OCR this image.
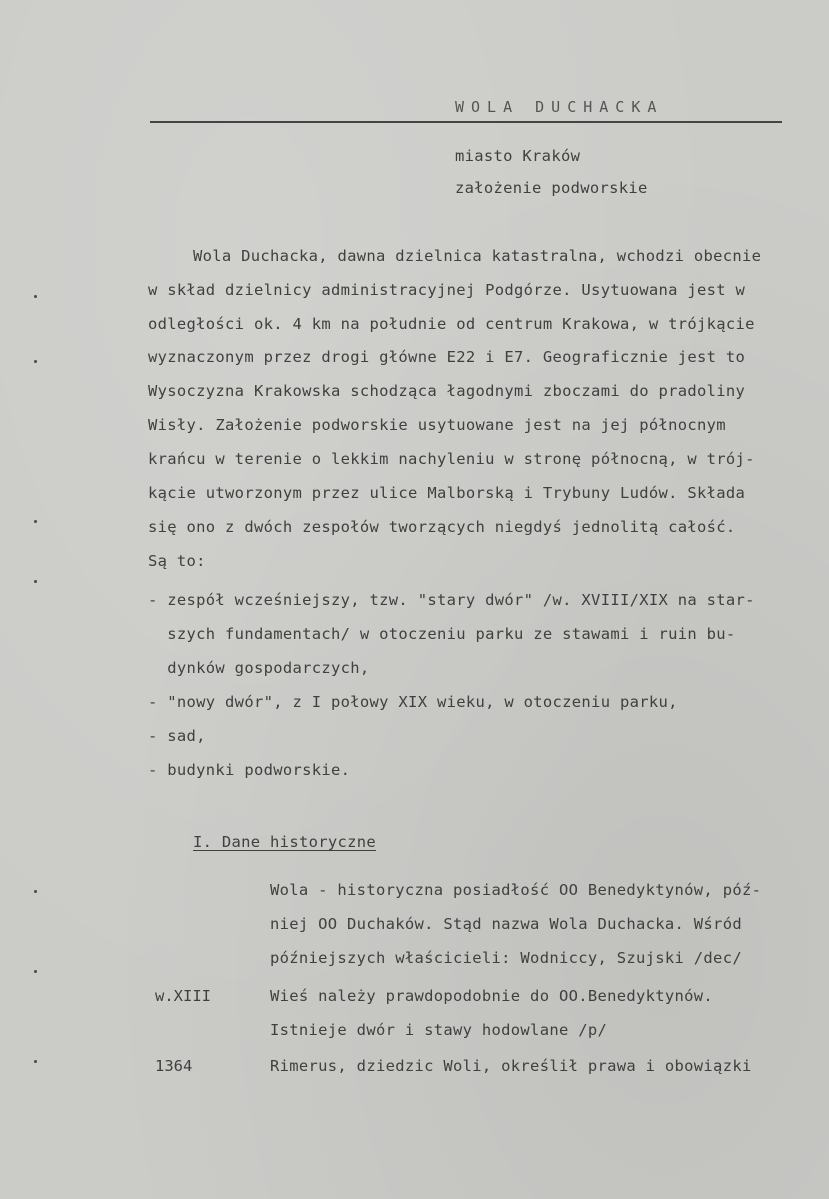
WOLA DUCHACKA
miasto Kraków
założenie podworskie
Wola Duchacka, dawna dzielnica katastralna, wchodzi obecnie
w skład dzielnicy administracyjnej Podgórze. Usytuowana jest w
odległości ok. 4 km na południe od centrum Krakowa, w trójkącie
wyznaczonym przez drogi główne E22 i E7. Geograficznie jest to
Wysoczyzna Krakowska schodząca łagodnymi zboczami do pradoliny
Wisły. Założenie podworskie usytuowane jest na jej północnym
krańcu w terenie o lekkim nachyleniu w stronę północną, w trój-
kącie utworzonym przez ulice Malborską i Trybuny Ludów. Składa
się ono z dwóch zespołów tworzących niegdyś jednolitą całość.
Są to:
- zespół wcześniejszy, tzw. "stary dwór" /w. XVIII/XIX na star-
szych fundamentach/ w otoczeniu parku ze stawami i ruin bu-
dynków gospodarczych,
- "nowy dwór", z I połowy XIX wieku, w otoczeniu parku,
- sad,
- budynki podworskie.
I. Dane historyczne
Wola - historyczna posiadłość OO Benedyktynów, póź-
niej OO Duchaków. Stąd nazwa Wola Duchacka. Wśród
późniejszych właścicieli: Wodniccy, Szujski /dec/
w.XIII	Wieś należy prawdopodobnie do OO.Benedyktynów.
Istnieje dwór i stawy hodowlane /p/
1364	Rimerus, dziedzic Woli, określił prawa i obowiązki
